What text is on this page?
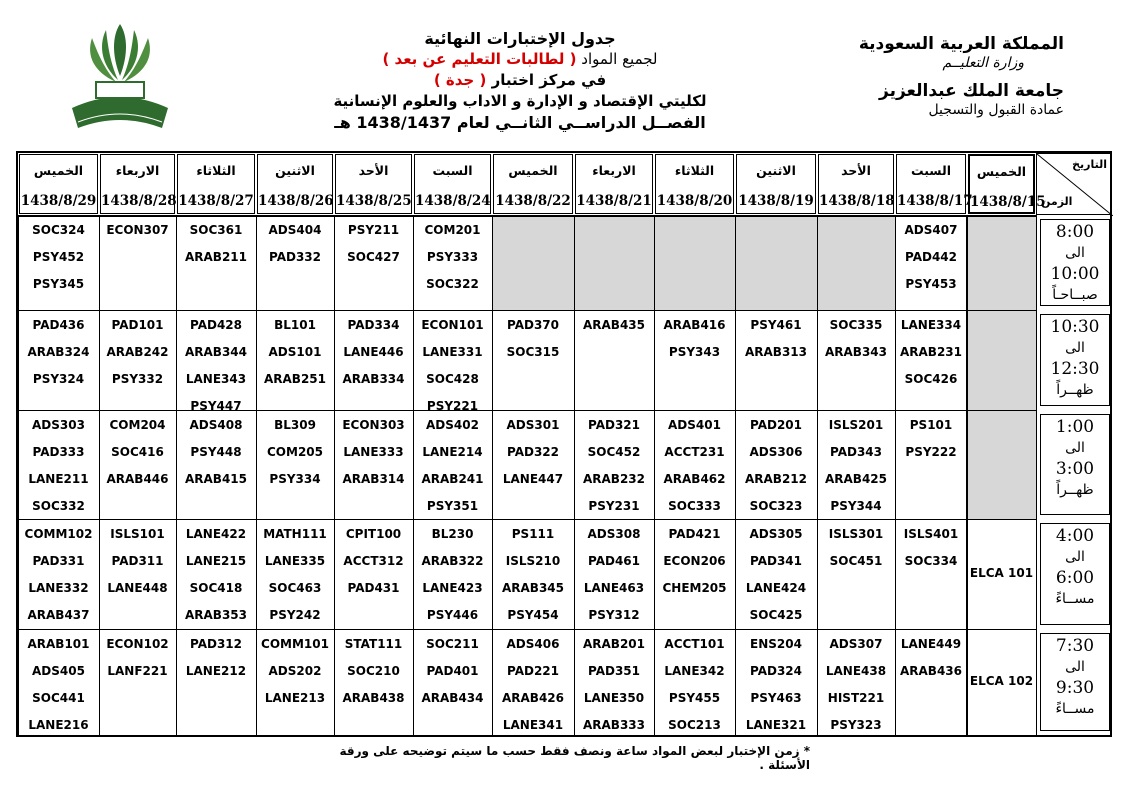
المملكة العربية السعودية
وزارة التعليــم
جامعة الملك عبدالعزيز
عمادة القبول والتسجيل
جدول الإختبارات النهائية
لجميع المواد ( لطالبات التعليم عن بعد )
في مركز اختبار ( جدة )
لكليتي الإقتصاد و الإدارة و الاداب والعلوم الإنسانية
الفصــل الدراســي الثانــي لعام 1438/1437 هـ
التاريخ
الزمن
الخميس
1438/8/15
السبت
1438/8/17
الأحد
1438/8/18
الاثنين
1438/8/19
الثلاثاء
1438/8/20
الاربعاء
1438/8/21
الخميس
1438/8/22
السبت
1438/8/24
الأحد
1438/8/25
الاثنين
1438/8/26
الثلاثاء
1438/8/27
الاربعاء
1438/8/28
الخميس
1438/8/29
ADS407
PAD442
PSY453
COM201
PSY333
SOC322
PSY211
SOC427
ADS404
PAD332
SOC361
ARAB211
ECON307
SOC324
PSY452
PSY345
8:00
الى
10:00
صبــاحـاً
LANE334
ARAB231
SOC426
SOC335
ARAB343
PSY461
ARAB313
ARAB416
PSY343
ARAB435
PAD370
SOC315
ECON101
LANE331
SOC428
PSY221
PAD334
LANE446
ARAB334
BL101
ADS101
ARAB251
PAD428
ARAB344
LANE343
PSY447
PAD101
ARAB242
PSY332
PAD436
ARAB324
PSY324
10:30
الى
12:30
ظهــراً
PS101
PSY222
ISLS201
PAD343
ARAB425
PSY344
PAD201
ADS306
ARAB212
SOC323
ADS401
ACCT231
ARAB462
SOC333
PAD321
SOC452
ARAB232
PSY231
ADS301
PAD322
LANE447
ADS402
LANE214
ARAB241
PSY351
ECON303
LANE333
ARAB314
BL309
COM205
PSY334
ADS408
PSY448
ARAB415
COM204
SOC416
ARAB446
ADS303
PAD333
LANE211
SOC332
1:00
الى
3:00
ظهــراً
ELCA 101
ISLS401
SOC334
ISLS301
SOC451
ADS305
PAD341
LANE424
SOC425
PAD421
ECON206
CHEM205
ADS308
PAD461
LANE463
PSY312
PS111
ISLS210
ARAB345
PSY454
BL230
ARAB322
LANE423
PSY446
CPIT100
ACCT312
PAD431
MATH111
LANE335
SOC463
PSY242
LANE422
LANE215
SOC418
ARAB353
ISLS101
PAD311
LANE448
COMM102
PAD331
LANE332
ARAB437
4:00
الى
6:00
مســاءً
ELCA 102
LANE449
ARAB436
ADS307
LANE438
HIST221
PSY323
ENS204
PAD324
PSY463
LANE321
ACCT101
LANE342
PSY455
SOC213
ARAB201
PAD351
LANE350
ARAB333
ADS406
PAD221
ARAB426
LANE341
SOC211
PAD401
ARAB434
STAT111
SOC210
ARAB438
COMM101
ADS202
LANE213
PAD312
LANE212
ECON102
LANF221
ARAB101
ADS405
SOC441
LANE216
7:30
الى
9:30
مســاءً
* زمن الإختبار لبعض المواد ساعة ونصف فقط حسب ما سيتم توضيحه على ورقة الأسئلة .
